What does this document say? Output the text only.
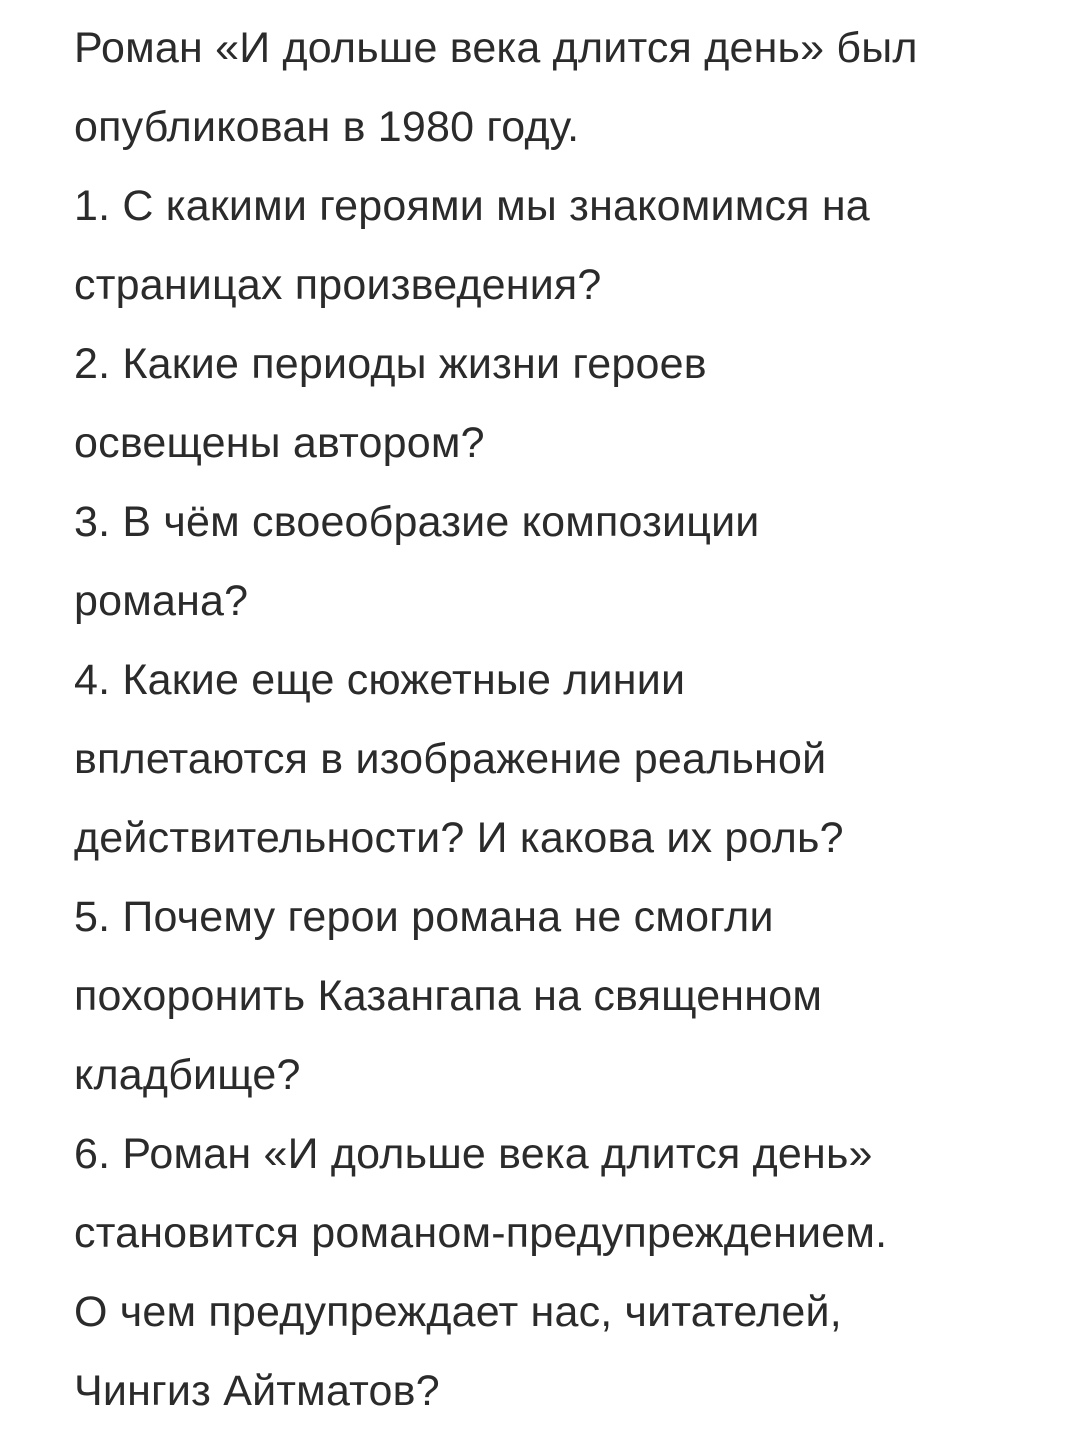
Роман «И дольше века длится день» был
опубликован в 1980 году.
1. С какими героями мы знакомимся на
страницах произведения?
2. Какие периоды жизни героев
освещены автором?
3. В чём своеобразие композиции
романа?
4. Какие еще сюжетные линии
вплетаются в изображение реальной
действительности? И какова их роль?
5. Почему герои романа не смогли
похоронить Казангапа на священном
кладбище?
6. Роман «И дольше века длится день»
становится романом-предупреждением.
О чем предупреждает нас, читателей,
Чингиз Айтматов?
